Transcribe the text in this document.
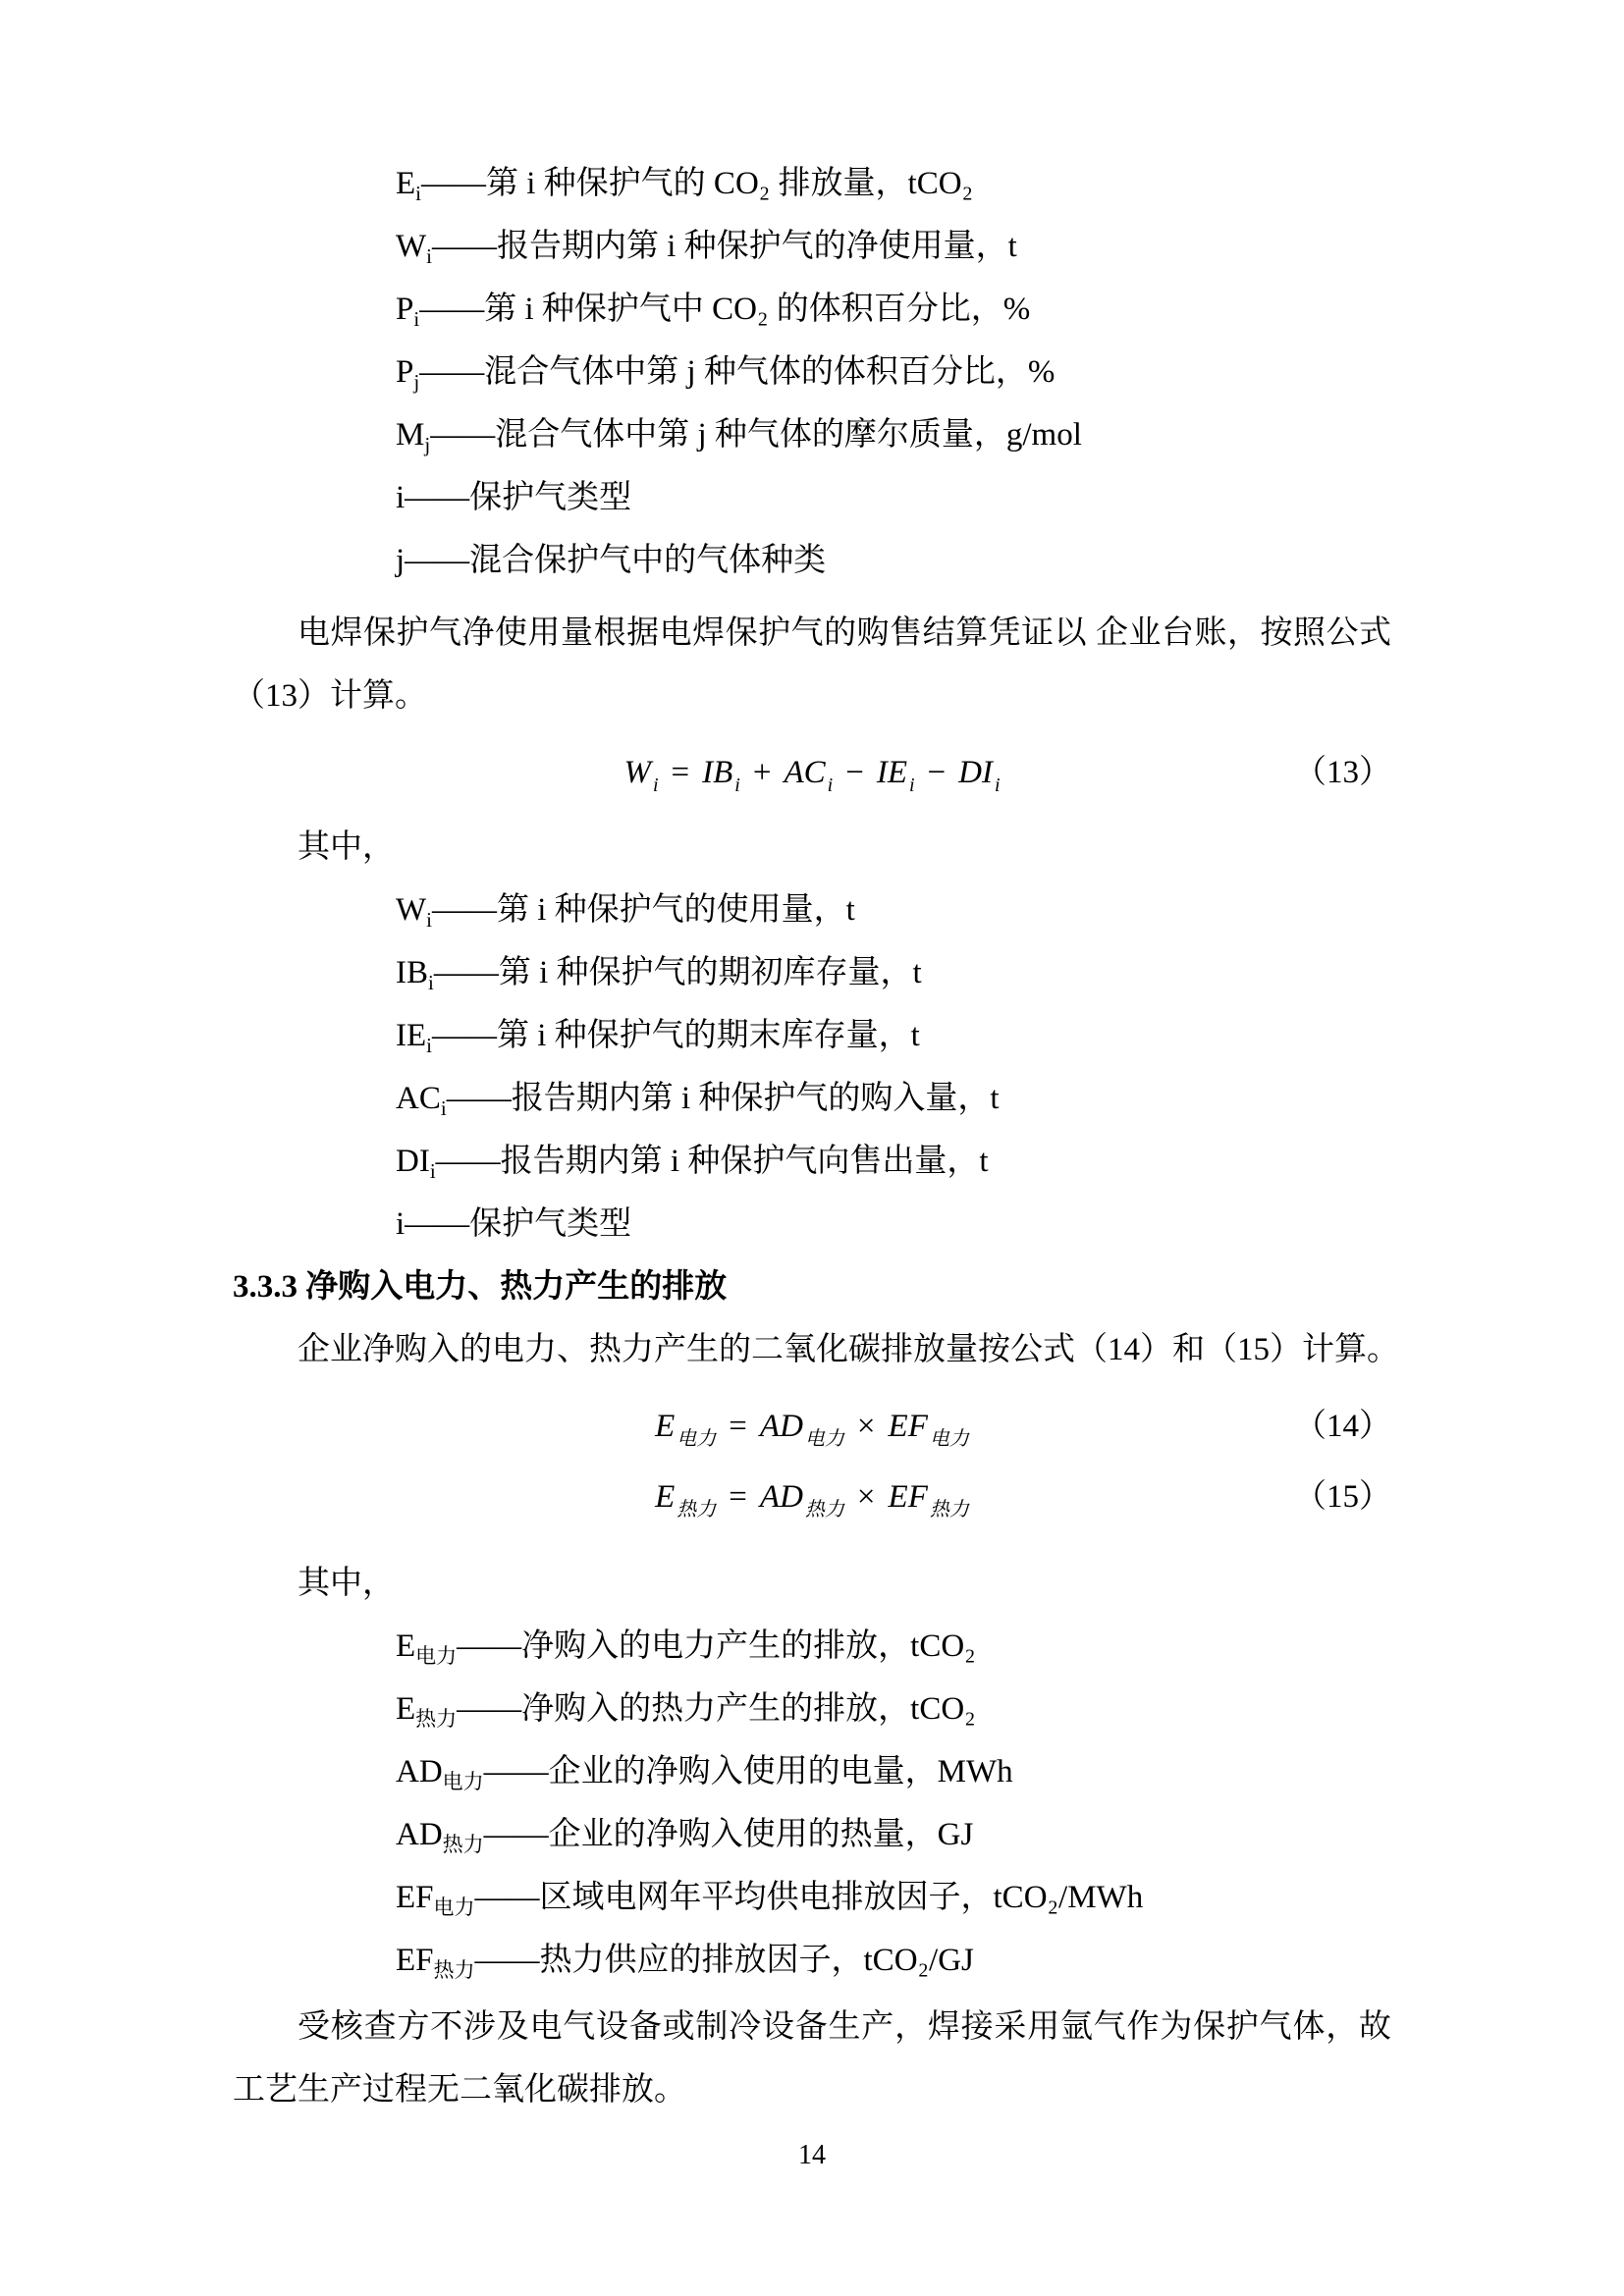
$E_i——$第 i 种保护气的 CO₂ 排放量，tCO₂
$W_i——$报告期内第 i 种保护气的净使用量，t
$P_i——$第 i 种保护气中 CO₂ 的体积百分比，%
$P_j——$混合气体中第 j 种气体的体积百分比，%
$M_j——$混合气体中第 j 种气体的摩尔质量，g/mol
i——保护气类型
j——混合保护气中的气体种类
电焊保护气净使用量根据电焊保护气的购售结算凭证以 企业台账，按照公式（13）计算。
W $_i$ = IB $_i$ + AC $_i$ − IE $_i$ − DI $_i$	（13）
其中，
$W_i——$第 i 种保护气的使用量，t
$IB_i——$第 i 种保护气的期初库存量，t
$IE_i——$第 i 种保护气的期末库存量，t
$AC_i——$报告期内第 i 种保护气的购入量，t
$DI_i——$报告期内第 i 种保护气向售出量，t
i——保护气类型
3.3.3 净购入电力、热力产生的排放
企业净购入的电力、热力产生的二氧化碳排放量按公式（14）和（15）计算。
E $_{电力}$ = AD $_{电力}$ × EF $_{电力}$	（14）
E $_{热力}$ = AD $_{热力}$ × EF $_{热力}$	（15）
其中，
$E_{电力}——$净购入的电力产生的排放，tCO₂
$E_{热力}——$净购入的热力产生的排放，tCO₂
$AD_{电力}——$企业的净购入使用的电量，MWh
$AD_{热力}——$企业的净购入使用的热量，GJ
$EF_{电力}——$区域电网年平均供电排放因子，tCO₂/MWh
$EF_{热力}——$热力供应的排放因子，tCO₂/GJ
受核查方不涉及电气设备或制冷设备生产，焊接采用氩气作为保护气体，故工艺生产过程无二氧化碳排放。
14
